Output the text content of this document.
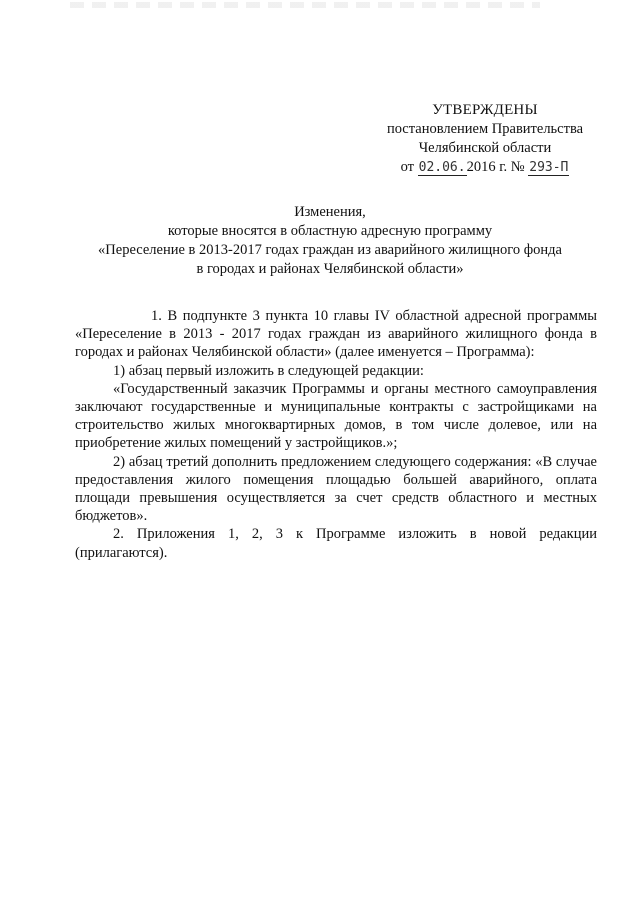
УТВЕРЖДЕНЫ
постановлением Правительства
Челябинской области
от 02.06.2016 г. № 293-П
Изменения,
которые вносятся в областную адресную программу
«Переселение в 2013-2017 годах граждан из аварийного жилищного фонда
в городах и районах Челябинской области»

1. В подпункте 3 пункта 10 главы IV областной адресной программы «Переселение в 2013 - 2017 годах граждан из аварийного жилищного фонда в городах и районах Челябинской области» (далее именуется – Программа):

1) абзац первый изложить в следующей редакции:

«Государственный заказчик Программы и органы местного самоуправления заключают государственные и муниципальные контракты с застройщиками на строительство жилых многоквартирных домов, в том числе долевое, или на приобретение жилых помещений у застройщиков.»;

2) абзац третий дополнить предложением следующего содержания: «В случае предоставления жилого помещения площадью большей аварийного, оплата площади превышения осуществляется за счет средств областного и местных бюджетов».

2. Приложения 1, 2, 3 к Программе изложить в новой редакции (прилагаются).
